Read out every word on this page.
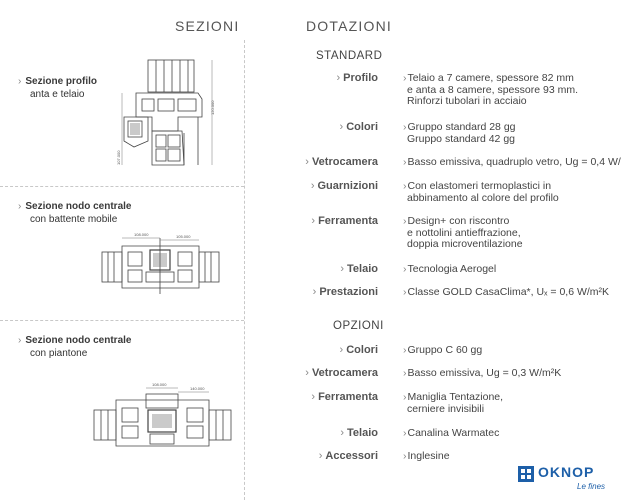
SEZIONI
› Sezione profilo
anta e telaio
120.000
107.000
› Sezione nodo centrale
con battente mobile
108.000	105.000
› Sezione nodo centrale
con piantone
108.000
140.000
DOTAZIONI
STANDARD
› Profilo ›Telaio a 7 camere, spessore 82 mm
e anta a 8 camere, spessore 93 mm.
Rinforzi tubolari in acciaio
› Colori ›Gruppo standard 28 gg
Gruppo standard 42 gg
› Vetrocamera ›Basso emissiva, quadruplo vetro, Ug = 0,4 W/
› Guarnizioni ›Con elastomeri termoplastici in
abbinamento al colore del profilo
› Ferramenta ›Design+ con riscontro
e nottolini antieffrazione,
doppia microventilazione
› Telaio ›Tecnologia Aerogel
› Prestazioni ›Classe GOLD CasaClima*, Uₓ = 0,6 W/m²K
OPZIONI
› Colori ›Gruppo C 60 gg
› Vetrocamera ›Basso emissiva, Ug = 0,3 W/m²K
› Ferramenta ›Maniglia Tentazione,
cerniere invisibili
› Telaio ›Canalina Warmatec
› Accessori ›Inglesine
OKNOP
Le fines
